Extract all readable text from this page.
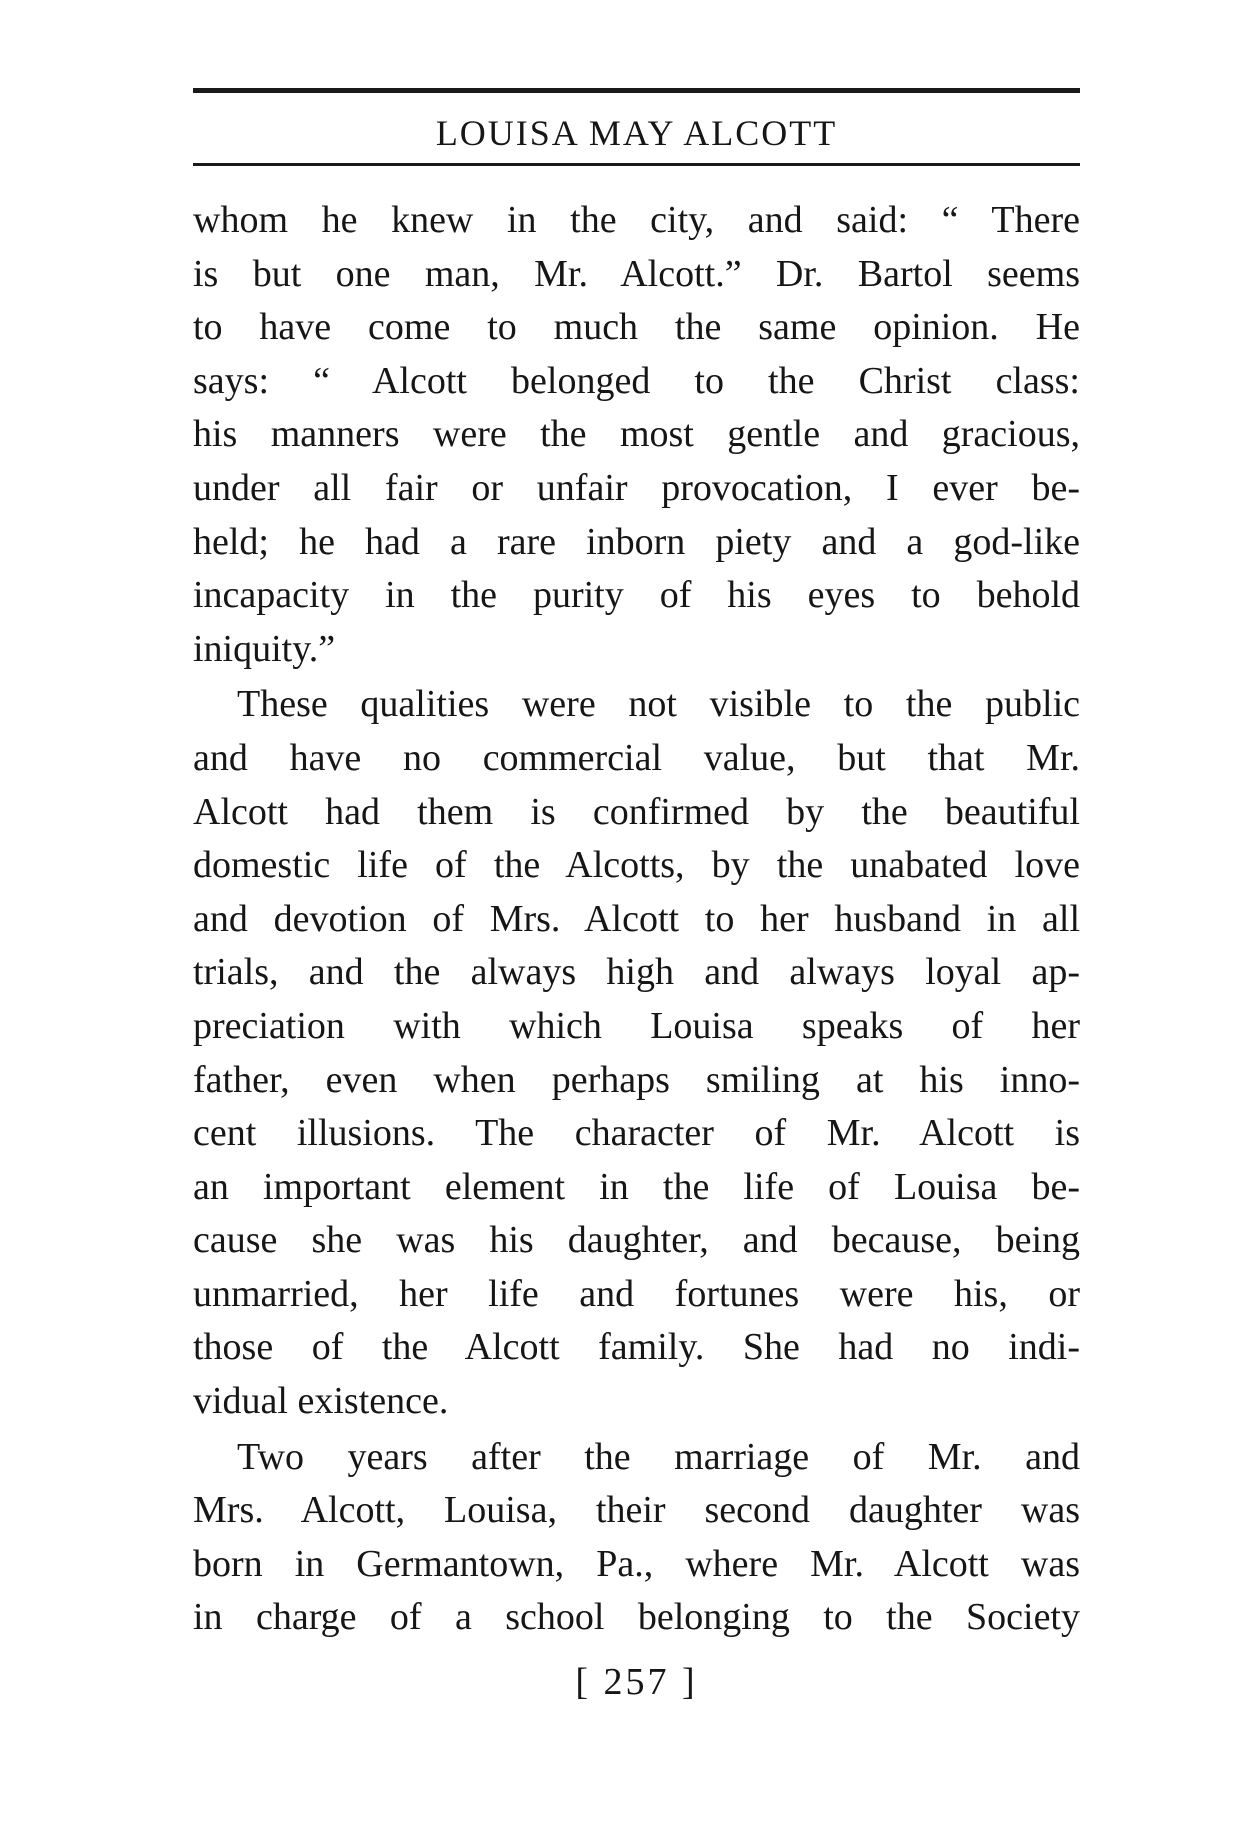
LOUISA MAY ALCOTT
whom he knew in the city, and said: “ There
is but one man, Mr. Alcott.” Dr. Bartol seems
to have come to much the same opinion. He
says: “ Alcott belonged to the Christ class:
his manners were the most gentle and gracious,
under all fair or unfair provocation, I ever be-
held; he had a rare inborn piety and a god-like
incapacity in the purity of his eyes to behold
iniquity.”
These qualities were not visible to the public
and have no commercial value, but that Mr.
Alcott had them is confirmed by the beautiful
domestic life of the Alcotts, by the unabated love
and devotion of Mrs. Alcott to her husband in all
trials, and the always high and always loyal ap-
preciation with which Louisa speaks of her
father, even when perhaps smiling at his inno-
cent illusions. The character of Mr. Alcott is
an important element in the life of Louisa be-
cause she was his daughter, and because, being
unmarried, her life and fortunes were his, or
those of the Alcott family. She had no indi-
vidual existence.
Two years after the marriage of Mr. and
Mrs. Alcott, Louisa, their second daughter was
born in Germantown, Pa., where Mr. Alcott was
in charge of a school belonging to the Society
[ 257 ]
